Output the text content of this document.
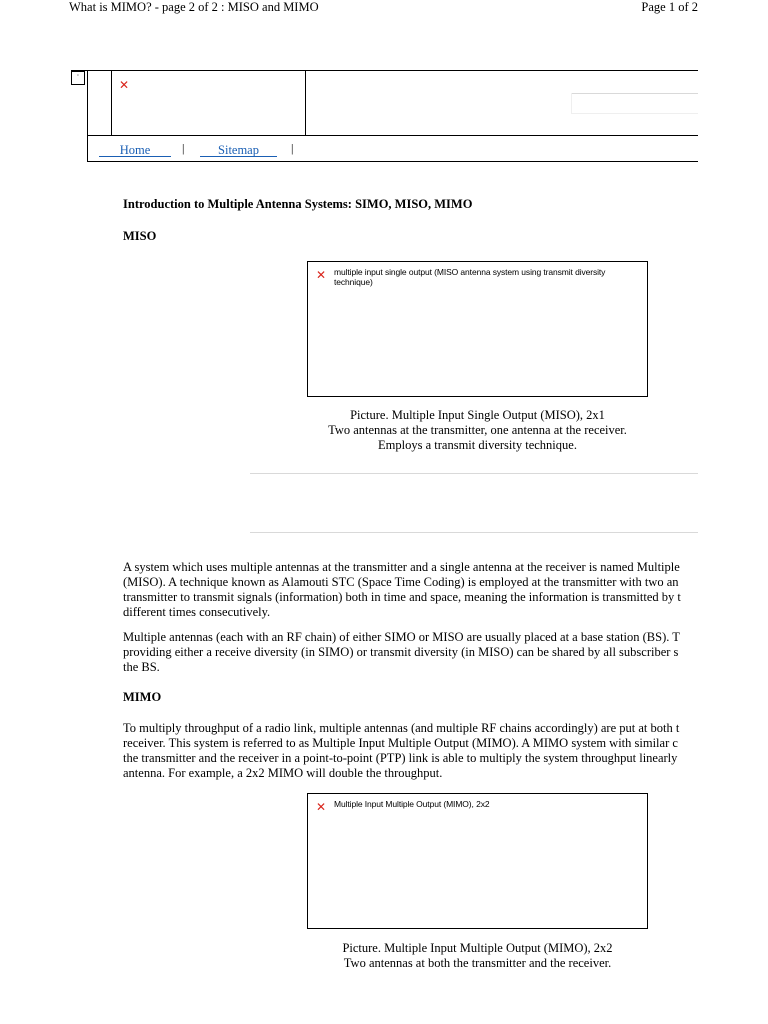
What is MIMO? - page 2 of 2 : MISO and MIMO	Page 1 of 2
·
✕
Home	|	Sitemap	|
Introduction to Multiple Antenna Systems: SIMO, MISO, MIMO
MISO
✕ multiple input single output (MISO antenna system using transmit diversity
technique)
Picture. Multiple Input Single Output (MISO), 2x1
Two antennas at the transmitter, one antenna at the receiver.
Employs a transmit diversity technique.
A system which uses multiple antennas at the transmitter and a single antenna at the receiver is named Multiple
(MISO). A technique known as Alamouti STC (Space Time Coding) is employed at the transmitter with two an
transmitter to transmit signals (information) both in time and space, meaning the information is transmitted by t
different times consecutively.
Multiple antennas (each with an RF chain) of either SIMO or MISO are usually placed at a base station (BS). T
providing either a receive diversity (in SIMO) or transmit diversity (in MISO) can be shared by all subscriber s
the BS.
MIMO
To multiply throughput of a radio link, multiple antennas (and multiple RF chains accordingly) are put at both t
receiver. This system is referred to as Multiple Input Multiple Output (MIMO). A MIMO system with similar c
the transmitter and the receiver in a point-to-point (PTP) link is able to multiply the system throughput linearly
antenna. For example, a 2x2 MIMO will double the throughput.
✕ Multiple Input Multiple Output (MIMO), 2x2
Picture. Multiple Input Multiple Output (MIMO), 2x2
Two antennas at both the transmitter and the receiver.
